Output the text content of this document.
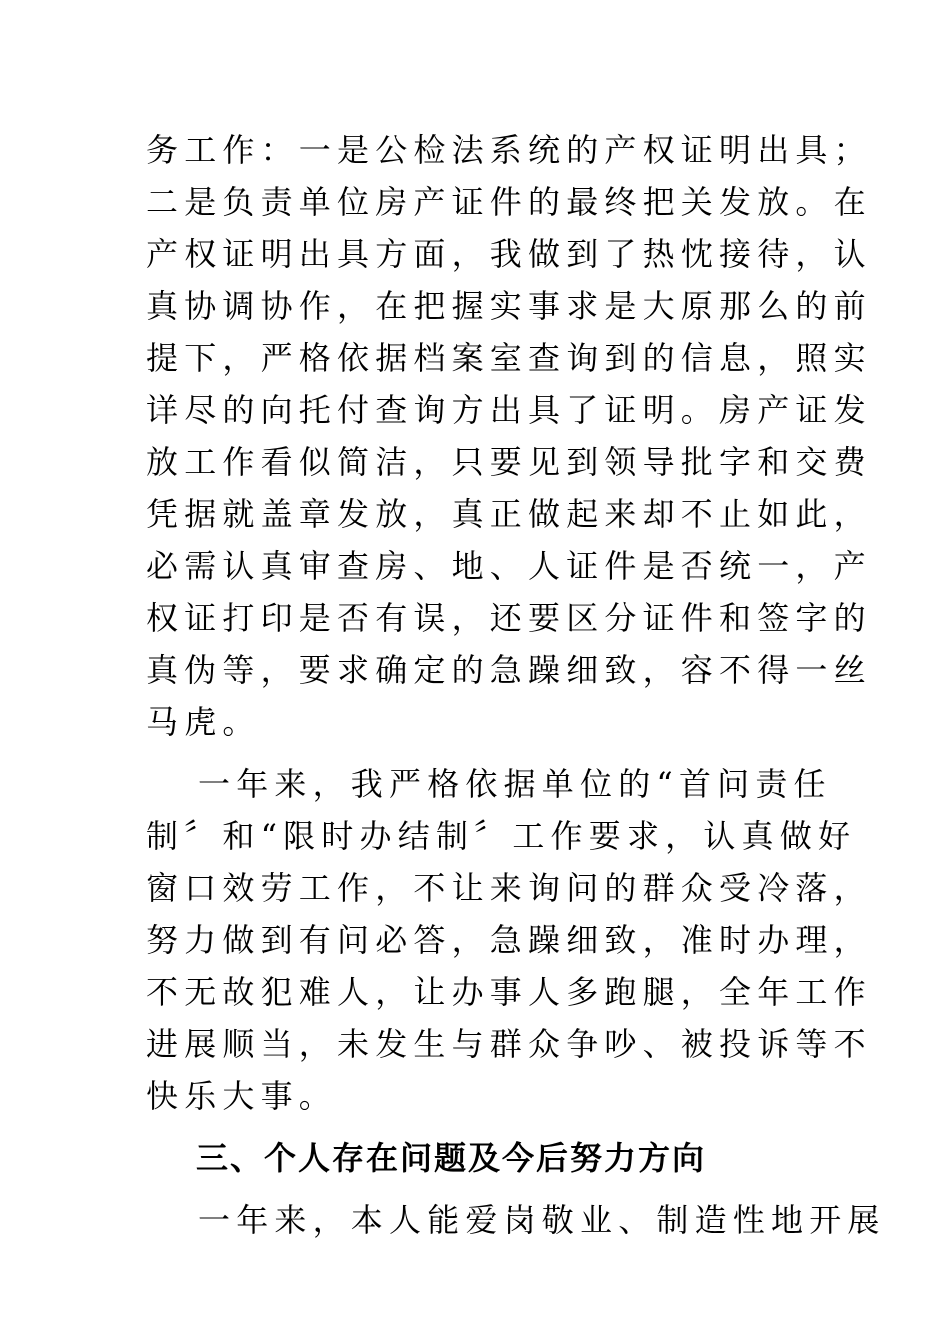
务工作：一是公检法系统的产权证明出具；
二是负责单位房产证件的最终把关发放。在
产权证明出具方面，我做到了热忱接待，认
真协调协作，在把握实事求是大原那么的前
提下，严格依据档案室查询到的信息，照实
详尽的向托付查询方出具了证明。房产证发
放工作看似简洁，只要见到领导批字和交费
凭据就盖章发放，真正做起来却不止如此，
必需认真审查房、地、人证件是否统一，产
权证打印是否有误，还要区分证件和签字的
真伪等，要求确定的急躁细致，容不得一丝
马虎。
一年来，我严格依据单位的“首问责任
制〞和“限时办结制〞工作要求，认真做好
窗口效劳工作，不让来询问的群众受冷落，
努力做到有问必答，急躁细致，准时办理，
不无故犯难人，让办事人多跑腿，全年工作
进展顺当，未发生与群众争吵、被投诉等不
快乐大事。
三、个人存在问题及今后努力方向
一年来，本人能爱岗敬业、制造性地开展
